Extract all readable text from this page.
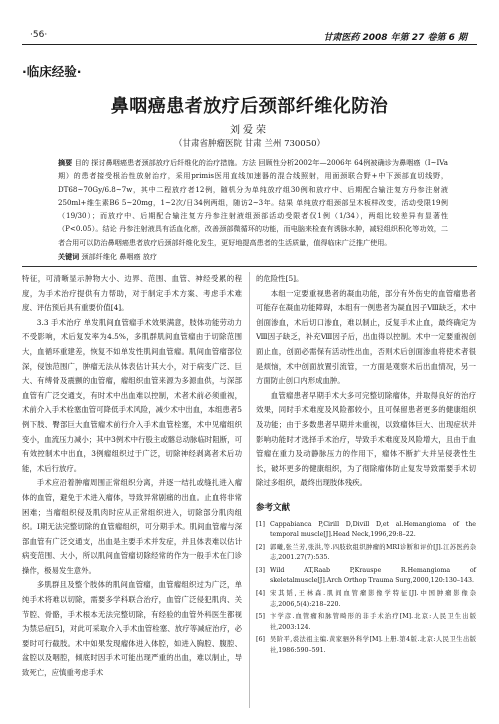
·56·	甘肃医药 2008 年第 27 卷第 6 期
·临床经验·
鼻咽癌患者放疗后颈部纤维化防治
刘爱荣
（甘肃省肿瘤医院 甘肃 兰州 730050）
摘要 目的 探讨鼻咽癌患者颈部放疗后纤维化的治疗措施。方法 回顾性分析2002年—2006年 64例被确诊为鼻咽癌（I~IVa期）的患者接受根治性放射治疗，采用primis医用直线加速器的混合线照射，用面颈联合野+中下颈部直切线野，DT68~70Gy/6.8~7w，其中二程放疗者12例，随机分为单纯放疗组30例和放疗中、后期配合输注复方丹参注射液250ml+维生素B6 5~20mg，1~2次/日34例两组，随访2~3年。结果 单纯放疗组颈部呈木板样改变，活动受限19例（19/30）；而放疗中、后期配合输注复方丹参注射液组颈部活动受限者仅1例（1/34），两组比较差异有显著性（P<0.05）。结论 丹参注射液具有活血化瘀，改善颈部微循环的功能，而电脑来检查有诱脉水肿，减轻组织积化等功效，二者合用可以防治鼻咽癌患者放疗后颈部纤维化发生，更好地提高患者的生活质量，值得临床广泛推广使用。
关键词 颈部纤维化 鼻咽癌 放疗

特征，可清晰显示肿物大小、边界、范围、血管、神经受累的程度，为手术治疗提供有力帮助，对于制定手术方案、考虑手术难度、评估预后具有重要价值[4]。

3.3 手术治疗 单发肌间血管瘤手术效果满意，肢体功能劳动力不受影响，术后复发率为4.5%，多肌群肌间血管瘤由于切除范围大，血循环重建差，恢复不如单发性肌间血管瘤。肌间血管瘤部位深，侵蚀范围广，肿瘤无法从体表估计其大小，对于病变广泛、巨大、有缚骨及震颤的血管瘤，瘤组织血管来源为多源血供，与深部血管有广泛交通支，有时术中出血难以控制，术者术前必须重视，术前介入手术栓塞血管可降低手术风险，减少术中出血，本组患者5例下肢、臀部巨大血管瘤术前行介入手术血管栓塞，术中见瘤组织变小，血流压力减小；其中3例术中行股主或髂总动脉临时阻断，可有效控制术中出血，3例瘤组织过于广泛，切除神经剥离者术后功能，术后行放疗。

手术应沿着肿瘤周围正常组织分离，并逐一结扎或缝扎进入瘤体的血管，避免于术进入瘤体，导致异常剧痛的出血。止血将非常困难；当瘤组织侵及肌肉时应从正常组织进入，切除部分肌肉组织。I期无法完整切除的血管瘤组织，可分期手术。肌间血管瘤与深部血管有广泛交通支，出血是主要手术并发症，并且体表难以估计病变范围、大小，所以肌间血管瘤切除经常的作为一般手术在门诊操作，极易发生意外。

多肌群且及整个肢体的肌间血管瘤，血管瘤组织过为广泛，单纯手术将难以切除，需要多学科联合治疗，血管广泛侵犯肌肉、关节腔、骨骼，手术根本无法完整切除，有经验的血管外科医生都视为禁忌症[5]，对此可采取介入手术血管栓塞、放疗等减症治疗，必要时可行截肢。术中如果发现瘤体进入体腔，如进入胸腔、腹腔、盆腔以及咽腔，倾底时因手术可能出现严重的出血，难以制止，导致死亡，应慎重考虑手术

的危险性[5]。

本组一定要重视患者的凝血功能，部分有外伤史的血管瘤患者可能存在凝血功能障碍，本组有一例患者为凝血因子Ⅷ缺乏，术中创面渗血，术后切口渗血，难以制止，反复手术止血，最终确定为Ⅷ因子缺乏，补充Ⅷ因子后，出血得以控制。术中一定要重视创面止血，创面必需保有活动性出血，否则术后创面渗血将使术者很是烦恼，术中创面放置引流管，一方面是观察术后出血情况，另一方面防止创口内形成血肿。

血管瘤患者早期手术大多可完整切除瘤体，并取得良好的治疗效果，同时手术难度及风险都较小，且可保留患者更多的健康组织及功能；由于多数患者早期并未重视，以致瘤体巨大、出现症状并影响功能时才选择手术治疗，导致手术难度及风险增大，且由于血管瘤在重力及动静脉压力的作用下，瘤体不断扩大并呈侵袭性生长，破坏更多的健康组织，为了彻除瘤体防止复发导致需要手术切除过多组织，最终出现肢体残疾。

参考文献
[1] Cappabianca P,Cirill D,Divill D,et al.Hemangioma of the temporal muscle[J].Head Neck,1996,29:8–22.
[2] 郭曦,张兰芳,张洪,等.四肢软组织肿瘤的MRI诊断和评价[J].江苏医药杂志,2001.27(7):535.
[3] Wild AT,Raab P,Krauspe R.Hemangioma of skeletalmuscle[J].Arch Orthop Trauma Surg,2000,120:130–143.
[4] 宋其韬,王林森.肌间血管瘤影像学特征[J].中国肿瘤影像杂志,2006,5(4):218–220.
[5] 卞学彦.血管瘤和脉管畸形的非手术治疗[M].北京:人民卫生出版社,2003:124.
[6] 吴阶平,裘法祖主编.黄家驷外科学[M].上册.第4版.北京:人民卫生出版社,1986:590–591.
